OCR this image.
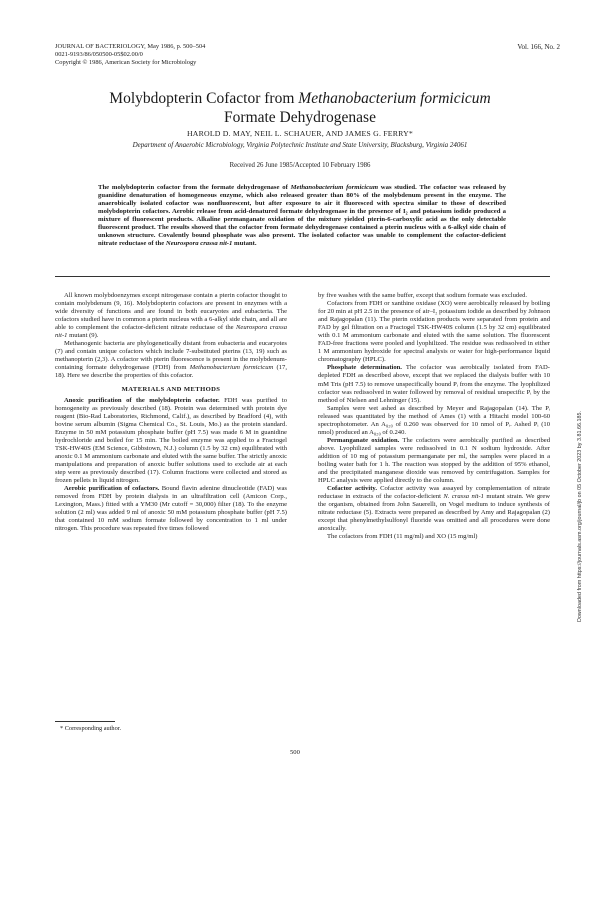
JOURNAL OF BACTERIOLOGY, May 1986, p. 500–504
0021-9193/86/050500-05$02.00/0
Copyright © 1986, American Society for Microbiology
Vol. 166, No. 2
Molybdopterin Cofactor from Methanobacterium formicicum
Formate Dehydrogenase
HAROLD D. MAY, NEIL L. SCHAUER, AND JAMES G. FERRY*
Department of Anaerobic Microbiology, Virginia Polytechnic Institute and State University, Blacksburg, Virginia 24061
Received 26 June 1985/Accepted 10 February 1986
The molybdopterin cofactor from the formate dehydrogenase of Methanobacterium formicicum was studied. The cofactor was released by guanidine denaturation of homogeneous enzyme, which also released greater than 80% of the molybdenum present in the enzyme. The anaerobically isolated cofactor was nonfluorescent, but after exposure to air it fluoresced with spectra similar to those of described molybdopterin cofactors. Aerobic release from acid-denatured formate dehydrogenase in the presence of I₂ and potassium iodide produced a mixture of fluorescent products. Alkaline permanganate oxidation of the mixture yielded pterin-6-carboxylic acid as the only detectable fluorescent product. The results showed that the cofactor from formate dehydrogenase contained a pterin nucleus with a 6-alkyl side chain of unknown structure. Covalently bound phosphate was also present. The isolated cofactor was unable to complement the cofactor-deficient nitrate reductase of the Neurospora crassa nit-1 mutant.

All known molybdoenzymes except nitrogenase contain a pterin cofactor thought to contain molybdenum (9, 16). Molybdopterin cofactors are present in enzymes with a wide diversity of functions and are found in both eucaryotes and eubacteria. The cofactors studied have in common a pterin nucleus with a 6-alkyl side chain, and all are able to complement the cofactor-deficient nitrate reductase of the Neurospora crassa nit-1 mutant (9).

Methanogenic bacteria are phylogenetically distant from eubacteria and eucaryotes (7) and contain unique cofactors which include 7-substituted pterins (13, 19) such as methanopterin (2,3). A cofactor with pterin fluorescence is present in the molybdenum-containing formate dehydrogenase (FDH) from Methanobacterium formicicum (17, 18). Here we describe the properties of this cofactor.

MATERIALS AND METHODS

Anoxic purification of the molybdopterin cofactor. FDH was purified to homogeneity as previously described (18). Protein was determined with protein dye reagent (Bio-Rad Laboratories, Richmond, Calif.), as described by Bradford (4), with bovine serum albumin (Sigma Chemical Co., St. Louis, Mo.) as the protein standard. Enzyme in 50 mM potassium phosphate buffer (pH 7.5) was made 6 M in guanidine hydrochloride and boiled for 15 min. The boiled enzyme was applied to a Fractogel TSK-HW40S (EM Science, Gibbstown, N.J.) column (1.5 by 32 cm) equilibrated with anoxic 0.1 M ammonium carbonate and eluted with the same buffer. The strictly anoxic manipulations and preparation of anoxic buffer solutions used to exclude air at each step were as previously described (17). Column fractions were collected and stored as frozen pellets in liquid nitrogen.

Aerobic purification of cofactors. Bound flavin adenine dinucleotide (FAD) was removed from FDH by protein dialysis in an ultrafiltration cell (Amicon Corp., Lexington, Mass.) fitted with a YM30 (Mr cutoff = 30,000) filter (18). To the enzyme solution (2 ml) was added 9 ml of anoxic 50 mM potassium phosphate buffer (pH 7.5) that contained 10 mM sodium formate followed by concentration to 1 ml under nitrogen. This procedure was repeated five times followed

by five washes with the same buffer, except that sodium formate was excluded.

Cofactors from FDH or xanthine oxidase (XO) were aerobically released by boiling for 20 min at pH 2.5 in the presence of air–I₂ potassium iodide as described by Johnson and Rajagopalan (11). The pterin oxidation products were separated from protein and FAD by gel filtration on a Fractogel TSK-HW40S column (1.5 by 32 cm) equilibrated with 0.1 M ammonium carbonate and eluted with the same solution. The fluorescent FAD-free fractions were pooled and lyophilized. The residue was redissolved in either 1 M ammonium hydroxide for spectral analysis or water for high-performance liquid chromatography (HPLC).

Phosphate determination. The cofactor was aerobically isolated from FAD-depleted FDH as described above, except that we replaced the dialysis buffer with 10 mM Tris (pH 7.5) to remove unspecifically bound Pᵢ from the enzyme. The lyophilized cofactor was redissolved in water followed by removal of residual unspecific Pᵢ by the method of Nielsen and Lehninger (15).

Samples were wet ashed as described by Meyer and Rajagopalan (14). The Pᵢ released was quantitated by the method of Ames (1) with a Hitachi model 100-60 spectrophotometer. An A₈₂₀ of 0.260 was observed for 10 nmol of Pᵢ. Ashed Pᵢ (10 nmol) produced an A₈₂₀ of 0.240.

Permanganate oxidation. The cofactors were aerobically purified as described above. Lyophilized samples were redissolved in 0.1 N sodium hydroxide. After addition of 10 mg of potassium permanganate per ml, the samples were placed in a boiling water bath for 1 h. The reaction was stopped by the addition of 95% ethanol, and the precipitated manganese dioxide was removed by centrifugation. Samples for HPLC analysis were applied directly to the column.

Cofactor activity. Cofactor activity was assayed by complementation of nitrate reductase in extracts of the cofactor-deficient N. crassa nit-1 mutant strain. We grew the organism, obtained from John Sauerelli, on Vogel medium to induce synthesis of nitrate reductase (5). Extracts were prepared as described by Amy and Rajagopalan (2) except that phenylmethylsulfonyl fluoride was omitted and all procedures were done anoxically.

The cofactors from FDH (11 mg/ml) and XO (15 mg/ml)

* Corresponding author.
500
Downloaded from https://journals.asm.org/journal/jb on 05 October 2023 by 3.81.66.185.
